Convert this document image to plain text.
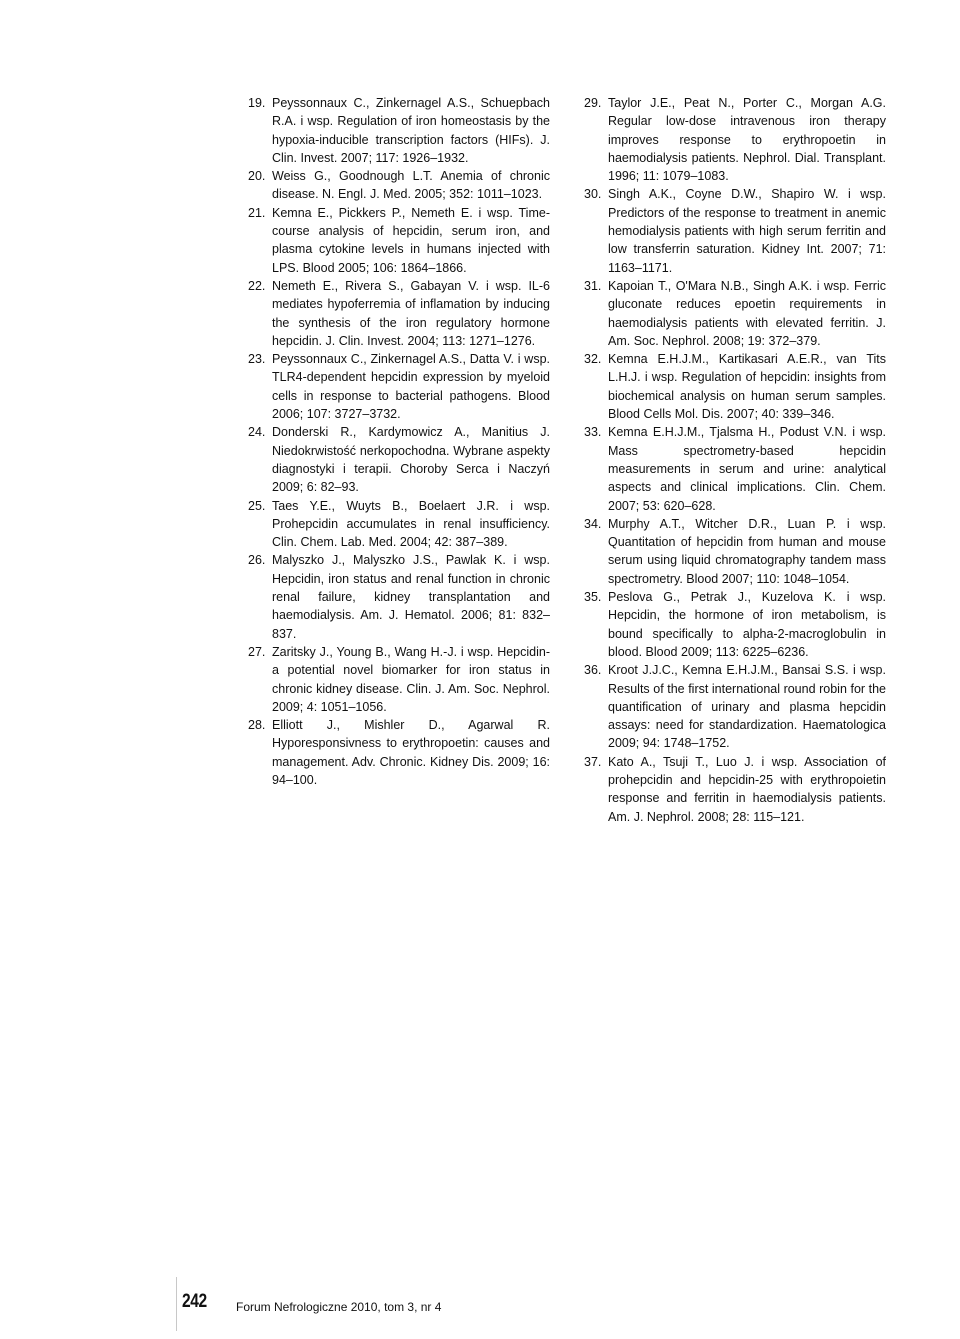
19. Peyssonnaux C., Zinkernagel A.S., Schuepbach R.A. i wsp. Regulation of iron homeostasis by the hypoxia-inducible transcription factors (HIFs). J. Clin. Invest. 2007; 117: 1926–1932.
20. Weiss G., Goodnough L.T. Anemia of chronic disease. N. Engl. J. Med. 2005; 352: 1011–1023.
21. Kemna E., Pickkers P., Nemeth E. i wsp. Time-course analysis of hepcidin, serum iron, and plasma cytokine levels in humans injected with LPS. Blood 2005; 106: 1864–1866.
22. Nemeth E., Rivera S., Gabayan V. i wsp. IL-6 mediates hypoferremia of inflamation by inducing the synthesis of the iron regulatory hormone hepcidin. J. Clin. Invest. 2004; 113: 1271–1276.
23. Peyssonnaux C., Zinkernagel A.S., Datta V. i wsp. TLR4-dependent hepcidin expression by myeloid cells in response to bacterial pathogens. Blood 2006; 107: 3727–3732.
24. Donderski R., Kardymowicz A., Manitius J. Niedokrwistość nerkopochodna. Wybrane aspekty diagnostyki i terapii. Choroby Serca i Naczyń 2009; 6: 82–93.
25. Taes Y.E., Wuyts B., Boelaert J.R. i wsp. Prohepcidin accumulates in renal insufficiency. Clin. Chem. Lab. Med. 2004; 42: 387–389.
26. Malyszko J., Malyszko J.S., Pawlak K. i wsp. Hepcidin, iron status and renal function in chronic renal failure, kidney transplantation and haemodialysis. Am. J. Hematol. 2006; 81: 832–837.
27. Zaritsky J., Young B., Wang H.-J. i wsp. Hepcidin-a potential novel biomarker for iron status in chronic kidney disease. Clin. J. Am. Soc. Nephrol. 2009; 4: 1051–1056.
28. Elliott J., Mishler D., Agarwal R. Hyporesponsivness to erythropoetin: causes and management. Adv. Chronic. Kidney Dis. 2009; 16: 94–100.
29. Taylor J.E., Peat N., Porter C., Morgan A.G. Regular low-dose intravenous iron therapy improves response to erythropoetin in haemodialysis patients. Nephrol. Dial. Transplant. 1996; 11: 1079–1083.
30. Singh A.K., Coyne D.W., Shapiro W. i wsp. Predictors of the response to treatment in anemic hemodialysis patients with high serum ferritin and low transferrin saturation. Kidney Int. 2007; 71: 1163–1171.
31. Kapoian T., O'Mara N.B., Singh A.K. i wsp. Ferric gluconate reduces epoetin requirements in haemodialysis patients with elevated ferritin. J. Am. Soc. Nephrol. 2008; 19: 372–379.
32. Kemna E.H.J.M., Kartikasari A.E.R., van Tits L.H.J. i wsp. Regulation of hepcidin: insights from biochemical analysis on human serum samples. Blood Cells Mol. Dis. 2007; 40: 339–346.
33. Kemna E.H.J.M., Tjalsma H., Podust V.N. i wsp. Mass spectrometry-based hepcidin measurements in serum and urine: analytical aspects and clinical implications. Clin. Chem. 2007; 53: 620–628.
34. Murphy A.T., Witcher D.R., Luan P. i wsp. Quantitation of hepcidin from human and mouse serum using liquid chromatography tandem mass spectrometry. Blood 2007; 110: 1048–1054.
35. Peslova G., Petrak J., Kuzelova K. i wsp. Hepcidin, the hormone of iron metabolism, is bound specifically to alpha-2-macroglobulin in blood. Blood 2009; 113: 6225–6236.
36. Kroot J.J.C., Kemna E.H.J.M., Bansai S.S. i wsp. Results of the first international round robin for the quantification of urinary and plasma hepcidin assays: need for standardization. Haematologica 2009; 94: 1748–1752.
37. Kato A., Tsuji T., Luo J. i wsp. Association of prohepcidin and hepcidin-25 with erythropoietin response and ferritin in haemodialysis patients. Am. J. Nephrol. 2008; 28: 115–121.
242 Forum Nefrologiczne 2010, tom 3, nr 4
